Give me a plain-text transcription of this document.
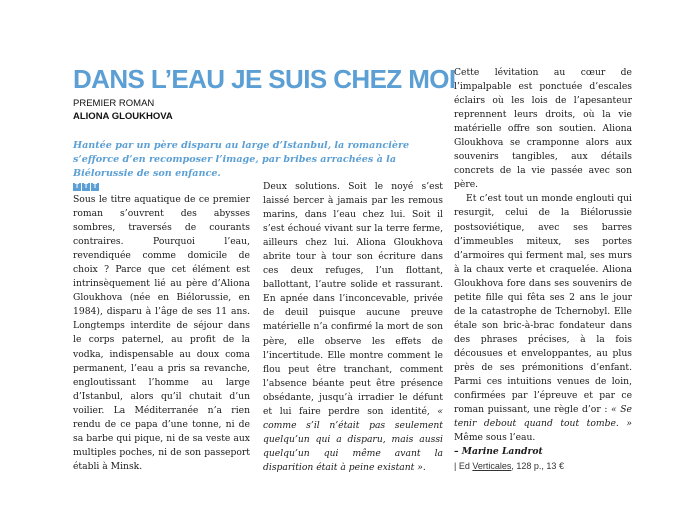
DANS L’EAU JE SUIS CHEZ MOI
PREMIER ROMAN
ALIONA GLOUKHOVA

Hantée par un père disparu au large d’Istanbul, la romancière s’efforce d’en recomposer l’image, par bribes arrachées à la Biélorussie de son enfance.

T T T

Sous le titre aquatique de ce premier roman s’ouvrent des abysses sombres, traversés de courants contraires. Pourquoi l’eau, revendiquée comme domicile de choix ? Parce que cet élément est intrinsèquement lié au père d’Aliona Gloukhova (née en Biélorussie, en 1984), disparu à l’âge de ses 11 ans. Longtemps interdite de séjour dans le corps paternel, au profit de la vodka, indispensable au doux coma permanent, l’eau a pris sa revanche, engloutissant l’homme au large d’Istanbul, alors qu’il chutait d’un voilier. La Méditerranée n’a rien rendu de ce papa d’une tonne, ni de sa barbe qui pique, ni de sa veste aux multiples poches, ni de son passeport établi à Minsk.

Deux solutions. Soit le noyé s’est laissé bercer à jamais par les remous marins, dans l’eau chez lui. Soit il s’est échoué vivant sur la terre ferme, ailleurs chez lui. Aliona Gloukhova abrite tour à tour son écriture dans ces deux refuges, l’un flottant, ballottant, l’autre solide et rassurant. En apnée dans l’inconcevable, privée de deuil puisque aucune preuve matérielle n’a confirmé la mort de son père, elle observe les effets de l’incertitude. Elle montre comment le flou peut être tranchant, comment l’absence béante peut être présence obsédante, jusqu’à irradier le défunt et lui faire perdre son identité, « comme s’il n’était pas seulement quelqu’un qui a disparu, mais aussi quelqu’un qui même avant la disparition était à peine existant ».

Cette lévitation au cœur de l’impalpable est ponctuée d’escales éclairs où les lois de l’apesanteur reprennent leurs droits, où la vie matérielle offre son soutien. Aliona Gloukhova se cramponne alors aux souvenirs tangibles, aux détails concrets de la vie passée avec son père.

Et c’est tout un monde englouti qui resurgit, celui de la Biélorussie postsoviétique, avec ses barres d’immeubles miteux, ses portes d’armoires qui ferment mal, ses murs à la chaux verte et craquelée. Aliona Gloukhova fore dans ses souvenirs de petite fille qui fêta ses 2 ans le jour de la catastrophe de Tchernobyl. Elle étale son bric-à-brac fondateur dans des phrases précises, à la fois décousues et enveloppantes, au plus près de ses prémonitions d’enfant. Parmi ces intuitions venues de loin, confirmées par l’épreuve et par ce roman puissant, une règle d’or : « Se tenir debout quand tout tombe. » Même sous l’eau.

– Marine Landrot

| Ed Verticales, 128 p., 13 €
